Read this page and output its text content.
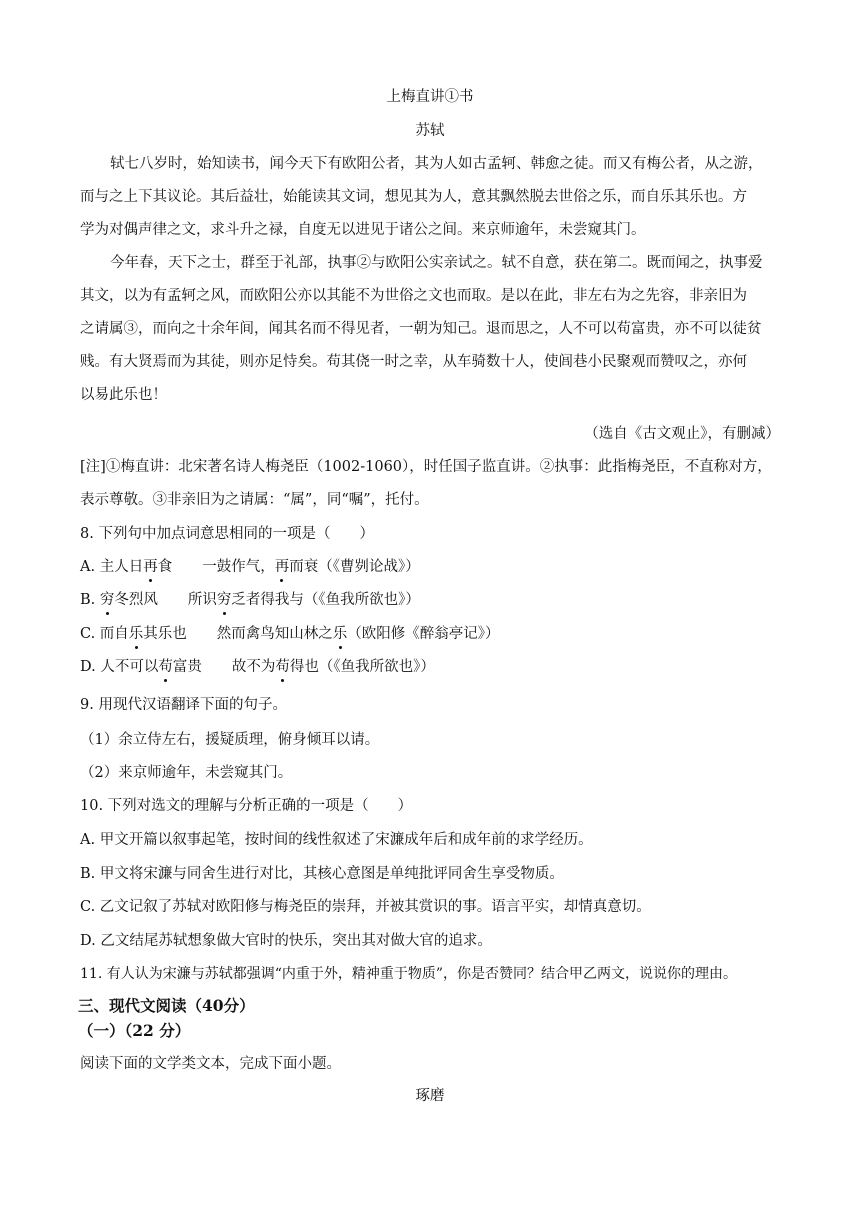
上梅直讲①书
苏轼
轼七八岁时，始知读书，闻今天下有欧阳公者，其为人如古孟轲、韩愈之徒。而又有梅公者，从之游，
而与之上下其议论。其后益壮，始能读其文词，想见其为人，意其飘然脱去世俗之乐，而自乐其乐也。方
学为对偶声律之文，求斗升之禄，自度无以进见于诸公之间。来京师逾年，未尝窥其门。
今年春，天下之士，群至于礼部，执事②与欧阳公实亲试之。轼不自意，获在第二。既而闻之，执事爱
其文，以为有孟轲之风，而欧阳公亦以其能不为世俗之文也而取。是以在此，非左右为之先容，非亲旧为
之请属③，而向之十余年间，闻其名而不得见者，一朝为知己。退而思之，人不可以苟富贵，亦不可以徒贫
贱。有大贤焉而为其徒，则亦足恃矣。苟其侥一时之幸，从车骑数十人，使闾巷小民聚观而赞叹之，亦何
以易此乐也！
（选自《古文观止》，有删减）
[注]①梅直讲：北宋著名诗人梅尧臣（1002-1060），时任国子监直讲。②执事：此指梅尧臣，不直称对方，
表示尊敬。③非亲旧为之请属：“属”，同“嘱”，托付。
8. 下列句中加点词意思相同的一项是（　　）
A. 主人日再
食 一鼓作气，再
而衰（《曹刿论战》）
B. 穷
冬烈风 所识穷
乏者得我与（《鱼我所欲也》）
C. 而自乐
其乐也 然而禽鸟知山林之乐
（欧阳修《醉翁亭记》）
D. 人不可以苟
富贵 故不为苟
得也（《鱼我所欲也》）
9. 用现代汉语翻译下面的句子。
（1）余立侍左右，援疑质理，俯身倾耳以请。
（2）来京师逾年，未尝窥其门。
10. 下列对选文的理解与分析正确的一项是（　　）
A. 甲文开篇以叙事起笔，按时间的线性叙述了宋濂成年后和成年前的求学经历。
B. 甲文将宋濂与同舍生进行对比，其核心意图是单纯批评同舍生享受物质。
C. 乙文记叙了苏轼对欧阳修与梅尧臣的崇拜，并被其赏识的事。语言平实，却情真意切。
D. 乙文结尾苏轼想象做大官时的快乐，突出其对做大官的追求。
11. 有人认为宋濂与苏轼都强调“内重于外，精神重于物质”，你是否赞同？结合甲乙两文，说说你的理由。
三、现代文阅读（40分）
（一）（22 分）
阅读下面的文学类文本，完成下面小题。
琢磨
